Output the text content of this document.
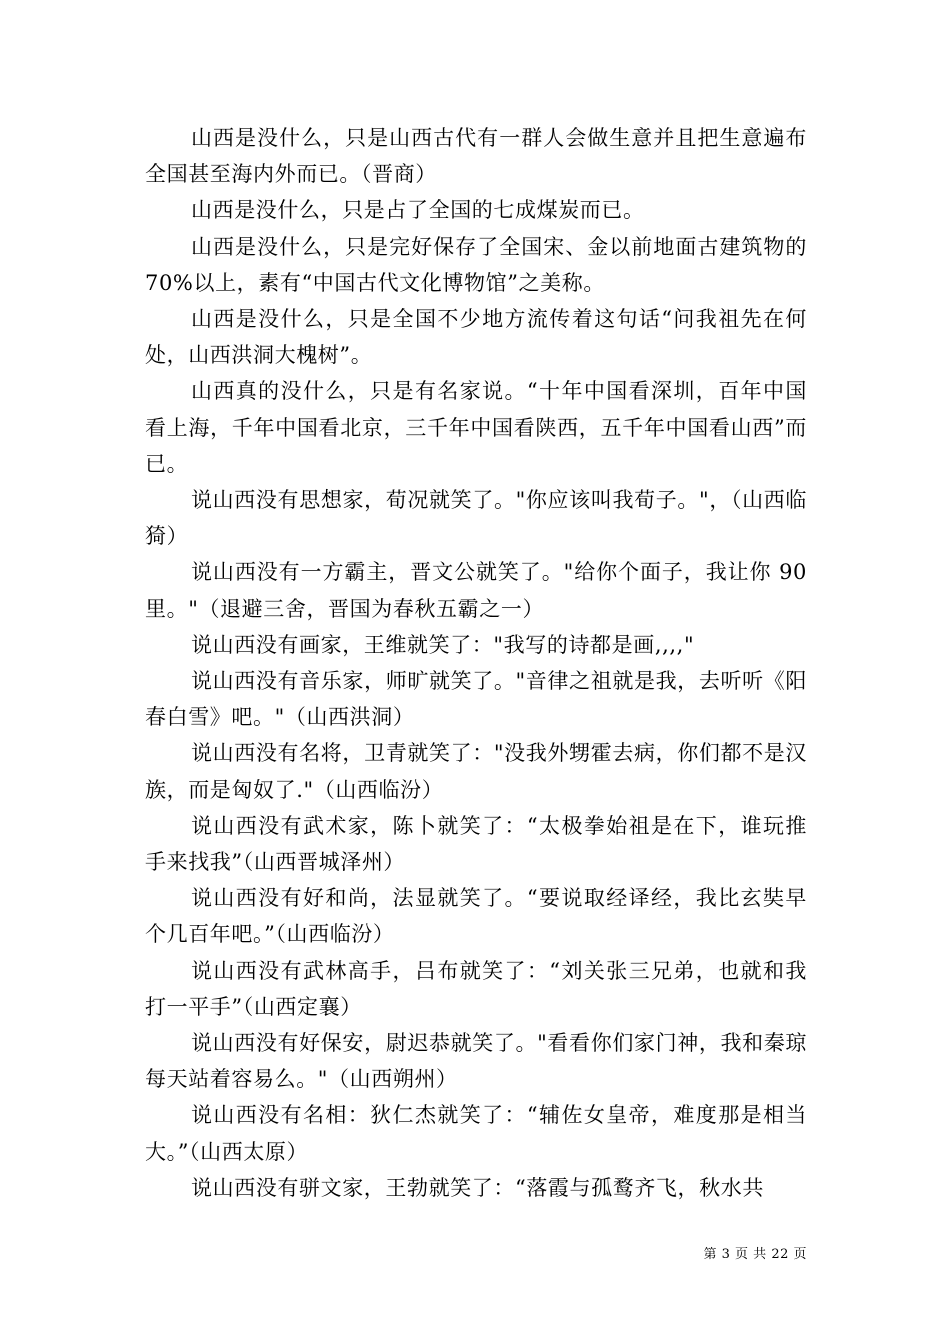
山西是没什么，只是山西古代有一群人会做生意并且把生意遍布全国甚至海内外而已。（晋商）

山西是没什么，只是占了全国的七成煤炭而已。

山西是没什么，只是完好保存了全国宋、金以前地面古建筑物的 70%以上，素有“中国古代文化博物馆”之美称。

山西是没什么，只是全国不少地方流传着这句话“问我祖先在何处，山西洪洞大槐树”。

山西真的没什么，只是有名家说。“十年中国看深圳，百年中国看上海，千年中国看北京，三千年中国看陕西，五千年中国看山西”而已。

说山西没有思想家，荀况就笑了。"你应该叫我荀子。"，（山西临猗）

说山西没有一方霸主，晋文公就笑了。"给你个面子，我让你 90 里。"（退避三舍，晋国为春秋五霸之一）

说山西没有画家，王维就笑了："我写的诗都是画,,,,"

说山西没有音乐家，师旷就笑了。"音律之祖就是我，去听听《阳春白雪》吧。"（山西洪洞）

说山西没有名将，卫青就笑了："没我外甥霍去病，你们都不是汉族，而是匈奴了."（山西临汾）

说山西没有武术家，陈卜就笑了：“太极拳始祖是在下，谁玩推手来找我”（山西晋城泽州）

说山西没有好和尚，法显就笑了。“要说取经译经，我比玄奘早个几百年吧。”（山西临汾）

说山西没有武林高手，吕布就笑了：“刘关张三兄弟，也就和我打一平手”（山西定襄）

说山西没有好保安，尉迟恭就笑了。"看看你们家门神，我和秦琼每天站着容易么。"（山西朔州）

说山西没有名相：狄仁杰就笑了：“辅佐女皇帝，难度那是相当大。”（山西太原）

说山西没有骈文家，王勃就笑了：“落霞与孤鹜齐飞，秋水共

第 3 页 共 22 页
